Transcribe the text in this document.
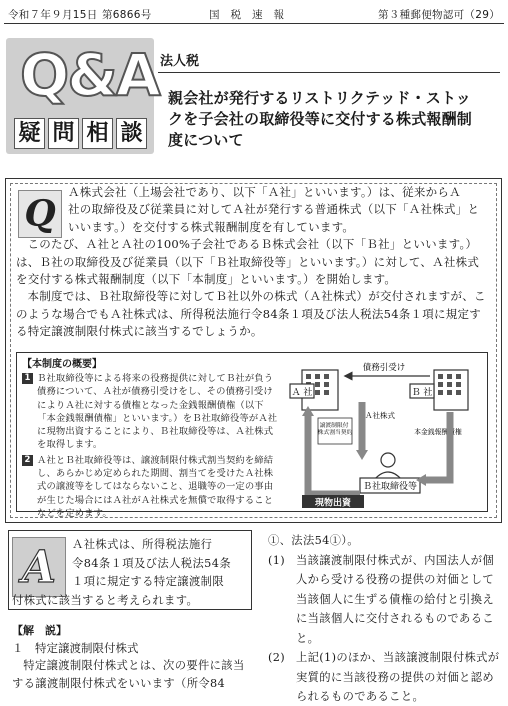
令和７年９月15日 第6866号	国税速報	第３種郵便物認可（29）
Q&A
疑 問 相 談
法人税
親会社が発行するリストリクテッド・ストックを子会社の取締役等に交付する株式報酬制度について
Q

Ａ株式会社（上場会社であり、以下「Ａ社」といいます。）は、従来からＡ

社の取締役及び従業員に対してＡ社が発行する普通株式（以下「Ａ社株式」と

いいます。）を交付する株式報酬制度を有しています。

このたび、Ａ社とＡ社の100%子会社であるＢ株式会社（以下「Ｂ社」といいます。）は、Ｂ社の取締役及び従業員（以下「Ｂ社取締役等」といいます。）に対して、Ａ社株式を交付する株式報酬制度（以下「本制度」といいます。）を開始します。

本制度では、Ｂ社取締役等に対してＢ社以外の株式（Ａ社株式）が交付されますが、このような場合でもＡ社株式は、所得税法施行令84条１項及び法人税法54条１項に規定する特定譲渡制限付株式に該当するでしょうか。

【本制度の概要】
1 Ｂ社取締役等による将来の役務提供に対してＢ社が負う債務について、Ａ社が債務引受けをし、その債務引受けによりＡ社に対する債権となった金銭報酬債権（以下「本金銭報酬債権」といいます。）をＢ社取締役等がＡ社に現物出資することにより、Ｂ社取締役等は、Ａ社株式を取得します。
2 Ａ社とＢ社取締役等は、譲渡制限付株式割当契約を締結し、あらかじめ定められた期間、割当てを受けたＡ社株式の譲渡等をしてはならないこと、退職等の一定の事由が生じた場合にはＡ社がＡ社株式を無償で取得することなどを定めます。
Ａ 社	Ｂ 社
債務引受け
Ａ社株式
譲渡制限付 株式割当契約	本金銭報酬債権
Ｂ社取締役等
現物出資
A	Ａ社株式は、所得税法施行
令84条１項及び法人税法54条
１項に規定する特定譲渡制限
付株式に該当すると考えられます。
【解　説】
１　特定譲渡制限付株式
特定譲渡制限付株式とは、次の要件に該当する譲渡制限付株式をいいます（所令84
①、法法54①）。
(1) 当該譲渡制限付株式が、内国法人が個人から受ける役務の提供の対価として当該個人に生ずる債権の給付と引換えに当該個人に交付されるものであること。
(2) 上記(1)のほか、当該譲渡制限付株式が実質的に当該役務の提供の対価と認められるものであること。
